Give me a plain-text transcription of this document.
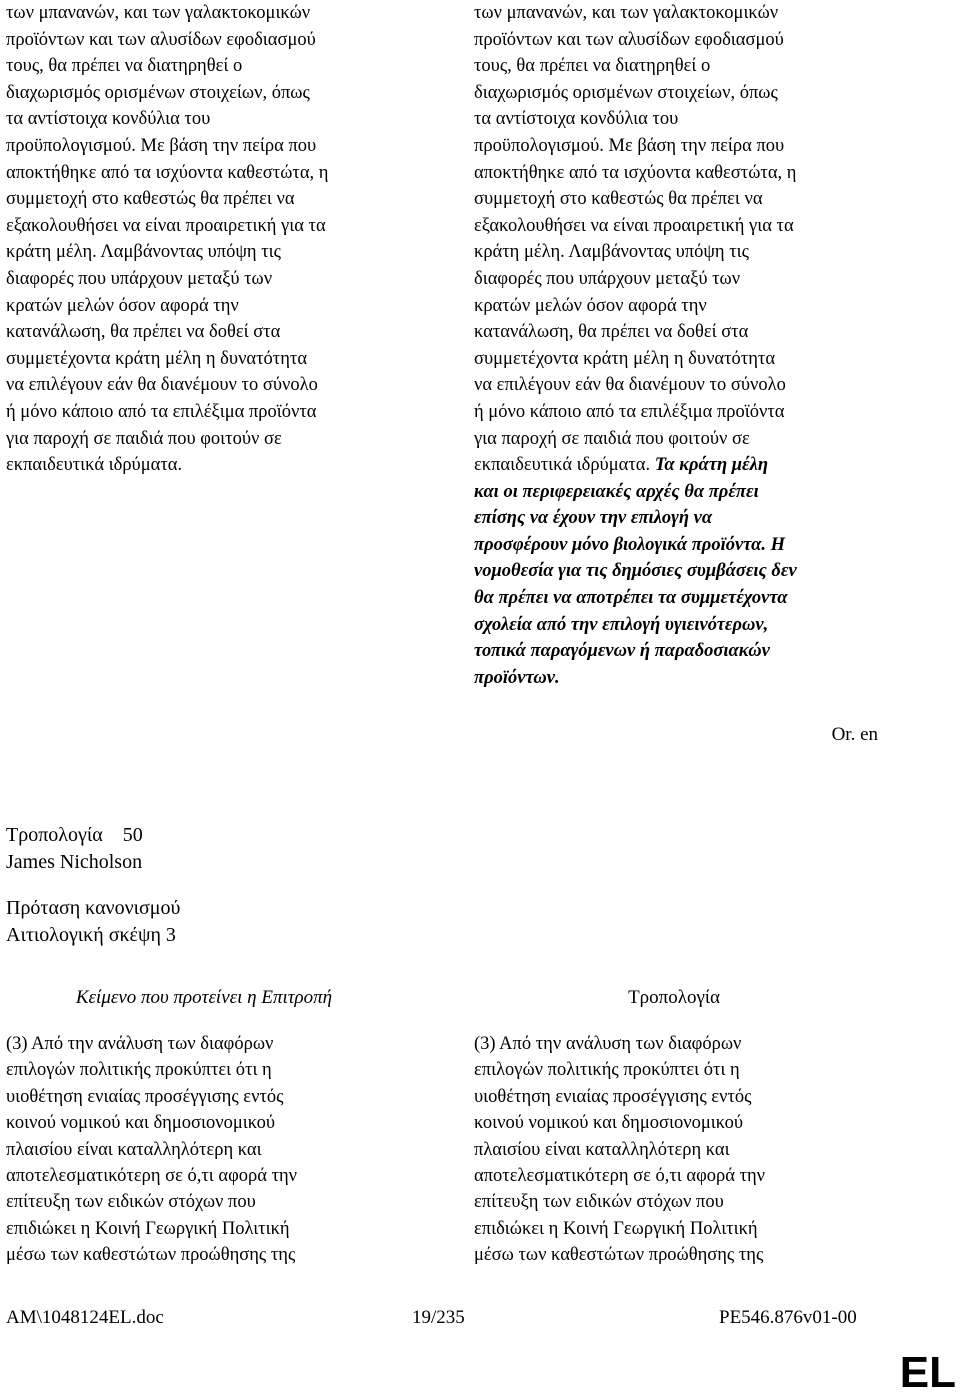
των μπανανών, και των γαλακτοκομικών
προϊόντων και των αλυσίδων εφοδιασμού
τους, θα πρέπει να διατηρηθεί ο
διαχωρισμός ορισμένων στοιχείων, όπως
τα αντίστοιχα κονδύλια του
προϋπολογισμού. Με βάση την πείρα που
αποκτήθηκε από τα ισχύοντα καθεστώτα, η
συμμετοχή στο καθεστώς θα πρέπει να
εξακολουθήσει να είναι προαιρετική για τα
κράτη μέλη. Λαμβάνοντας υπόψη τις
διαφορές που υπάρχουν μεταξύ των
κρατών μελών όσον αφορά την
κατανάλωση, θα πρέπει να δοθεί στα
συμμετέχοντα κράτη μέλη η δυνατότητα
να επιλέγουν εάν θα διανέμουν το σύνολο
ή μόνο κάποιο από τα επιλέξιμα προϊόντα
για παροχή σε παιδιά που φοιτούν σε
εκπαιδευτικά ιδρύματα.
των μπανανών, και των γαλακτοκομικών
προϊόντων και των αλυσίδων εφοδιασμού
τους, θα πρέπει να διατηρηθεί ο
διαχωρισμός ορισμένων στοιχείων, όπως
τα αντίστοιχα κονδύλια του
προϋπολογισμού. Με βάση την πείρα που
αποκτήθηκε από τα ισχύοντα καθεστώτα, η
συμμετοχή στο καθεστώς θα πρέπει να
εξακολουθήσει να είναι προαιρετική για τα
κράτη μέλη. Λαμβάνοντας υπόψη τις
διαφορές που υπάρχουν μεταξύ των
κρατών μελών όσον αφορά την
κατανάλωση, θα πρέπει να δοθεί στα
συμμετέχοντα κράτη μέλη η δυνατότητα
να επιλέγουν εάν θα διανέμουν το σύνολο
ή μόνο κάποιο από τα επιλέξιμα προϊόντα
για παροχή σε παιδιά που φοιτούν σε
εκπαιδευτικά ιδρύματα. Τα κράτη μέλη
και οι περιφερειακές αρχές θα πρέπει
επίσης να έχουν την επιλογή να
προσφέρουν μόνο βιολογικά προϊόντα. Η
νομοθεσία για τις δημόσιες συμβάσεις δεν
θα πρέπει να αποτρέπει τα συμμετέχοντα
σχολεία από την επιλογή υγιεινότερων,
τοπικά παραγόμενων ή παραδοσιακών
προϊόντων.
Or. en
Τροπολογία 50
James Nicholson
Πρόταση κανονισμού
Αιτιολογική σκέψη 3
Κείμενο που προτείνει η Επιτροπή	Τροπολογία
(3) Από την ανάλυση των διαφόρων
επιλογών πολιτικής προκύπτει ότι η
υιοθέτηση ενιαίας προσέγγισης εντός
κοινού νομικού και δημοσιονομικού
πλαισίου είναι καταλληλότερη και
αποτελεσματικότερη σε ό,τι αφορά την
επίτευξη των ειδικών στόχων που
επιδιώκει η Κοινή Γεωργική Πολιτική
μέσω των καθεστώτων προώθησης της
(3) Από την ανάλυση των διαφόρων
επιλογών πολιτικής προκύπτει ότι η
υιοθέτηση ενιαίας προσέγγισης εντός
κοινού νομικού και δημοσιονομικού
πλαισίου είναι καταλληλότερη και
αποτελεσματικότερη σε ό,τι αφορά την
επίτευξη των ειδικών στόχων που
επιδιώκει η Κοινή Γεωργική Πολιτική
μέσω των καθεστώτων προώθησης της
AM\1048124EL.doc	19/235	PE546.876v01-00
EL
